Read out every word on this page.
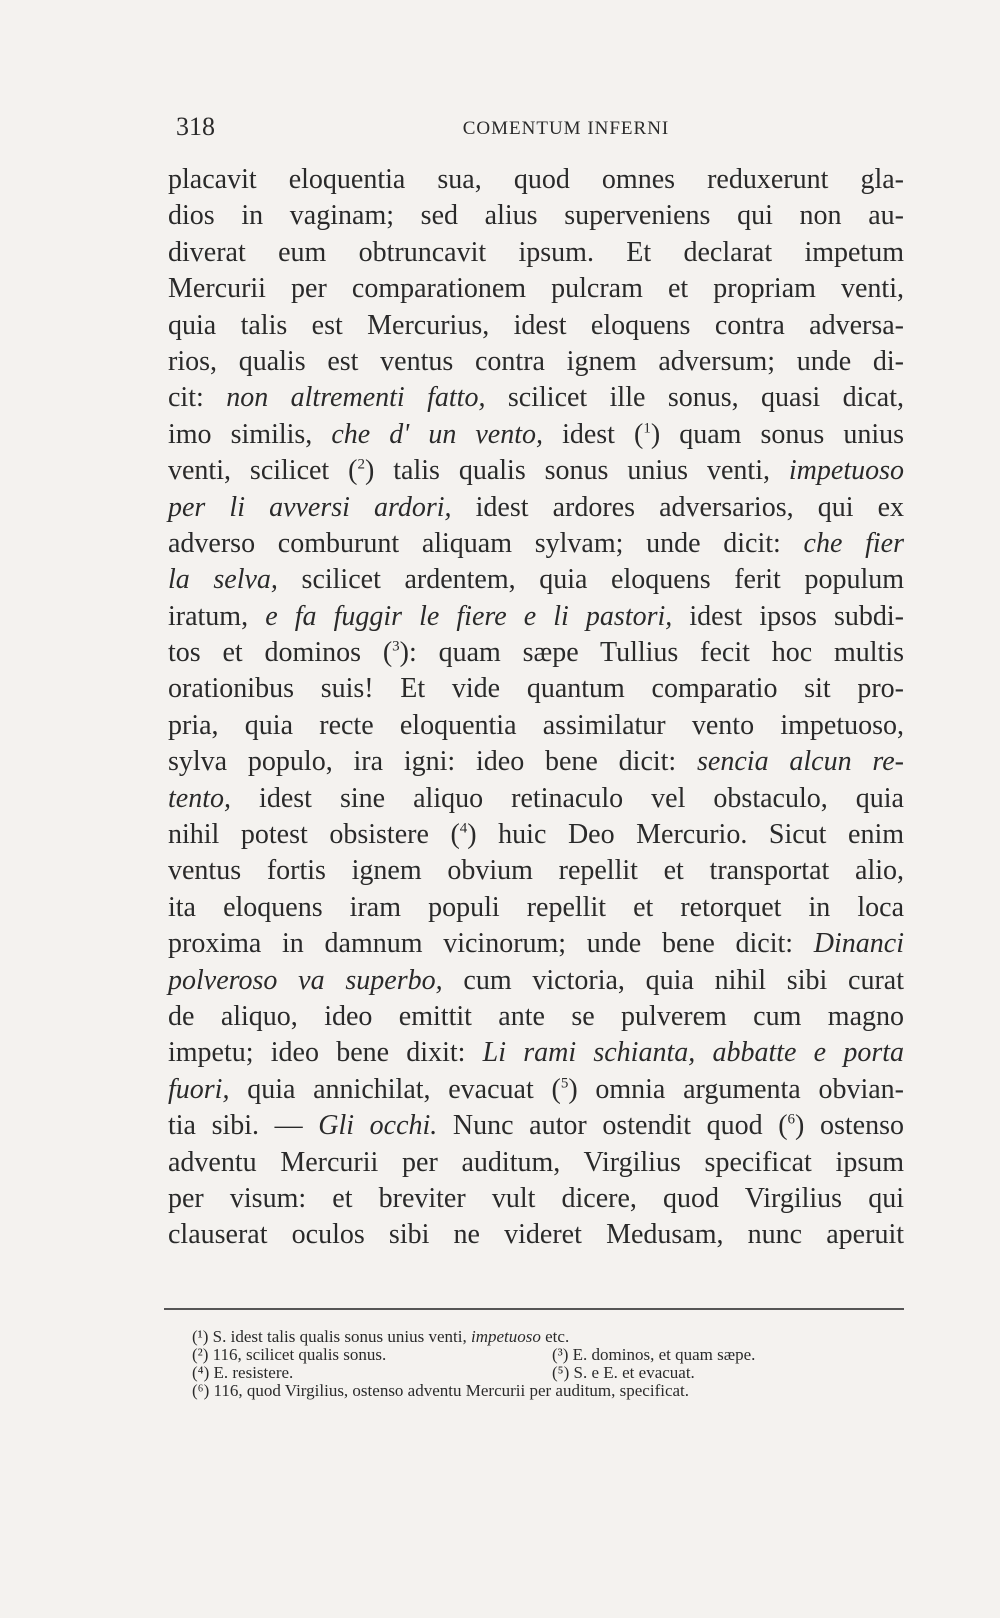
318	COMENTUM INFERNI
placavit eloquentia sua, quod omnes reduxerunt gla-
dios in vaginam; sed alius superveniens qui non au-
diverat eum obtruncavit ipsum. Et declarat impetum
Mercurii per comparationem pulcram et propriam venti,
quia talis est Mercurius, idest eloquens contra adversa-
rios, qualis est ventus contra ignem adversum; unde di-
cit: non altrementi fatto, scilicet ille sonus, quasi dicat,
imo similis, che d' un vento, idest ($^1$) quam sonus unius
venti, scilicet ($^2$) talis qualis sonus unius venti, impetuoso
per li avversi ardori, idest ardores adversarios, qui ex
adverso comburunt aliquam sylvam; unde dicit: che fier
la selva, scilicet ardentem, quia eloquens ferit populum
iratum, e fa fuggir le fiere e li pastori, idest ipsos subdi-
tos et dominos ($^3$): quam sæpe Tullius fecit hoc multis
orationibus suis! Et vide quantum comparatio sit pro-
pria, quia recte eloquentia assimilatur vento impetuoso,
sylva populo, ira igni: ideo bene dicit: sencia alcun re-
tento, idest sine aliquo retinaculo vel obstaculo, quia
nihil potest obsistere ($^4$) huic Deo Mercurio. Sicut enim
ventus fortis ignem obvium repellit et transportat alio,
ita eloquens iram populi repellit et retorquet in loca
proxima in damnum vicinorum; unde bene dicit: Dinanci
polveroso va superbo, cum victoria, quia nihil sibi curat
de aliquo, ideo emittit ante se pulverem cum magno
impetu; ideo bene dixit: Li rami schianta, abbatte e porta
fuori, quia annichilat, evacuat ($^5$) omnia argumenta obvian-
tia sibi. — Gli occhi. Nunc autor ostendit quod ($^6$) ostenso
adventu Mercurii per auditum, Virgilius specificat ipsum
per visum: et breviter vult dicere, quod Virgilius qui
clauserat oculos sibi ne videret Medusam, nunc aperuit
(¹) S. idest talis qualis sonus unius venti, impetuoso etc.
(²) 116, scilicet qualis sonus.	(³) E. dominos, et quam sæpe.
(⁴) E. resistere.	(⁵) S. e E. et evacuat.
(⁶) 116, quod Virgilius, ostenso adventu Mercurii per auditum, specificat.
